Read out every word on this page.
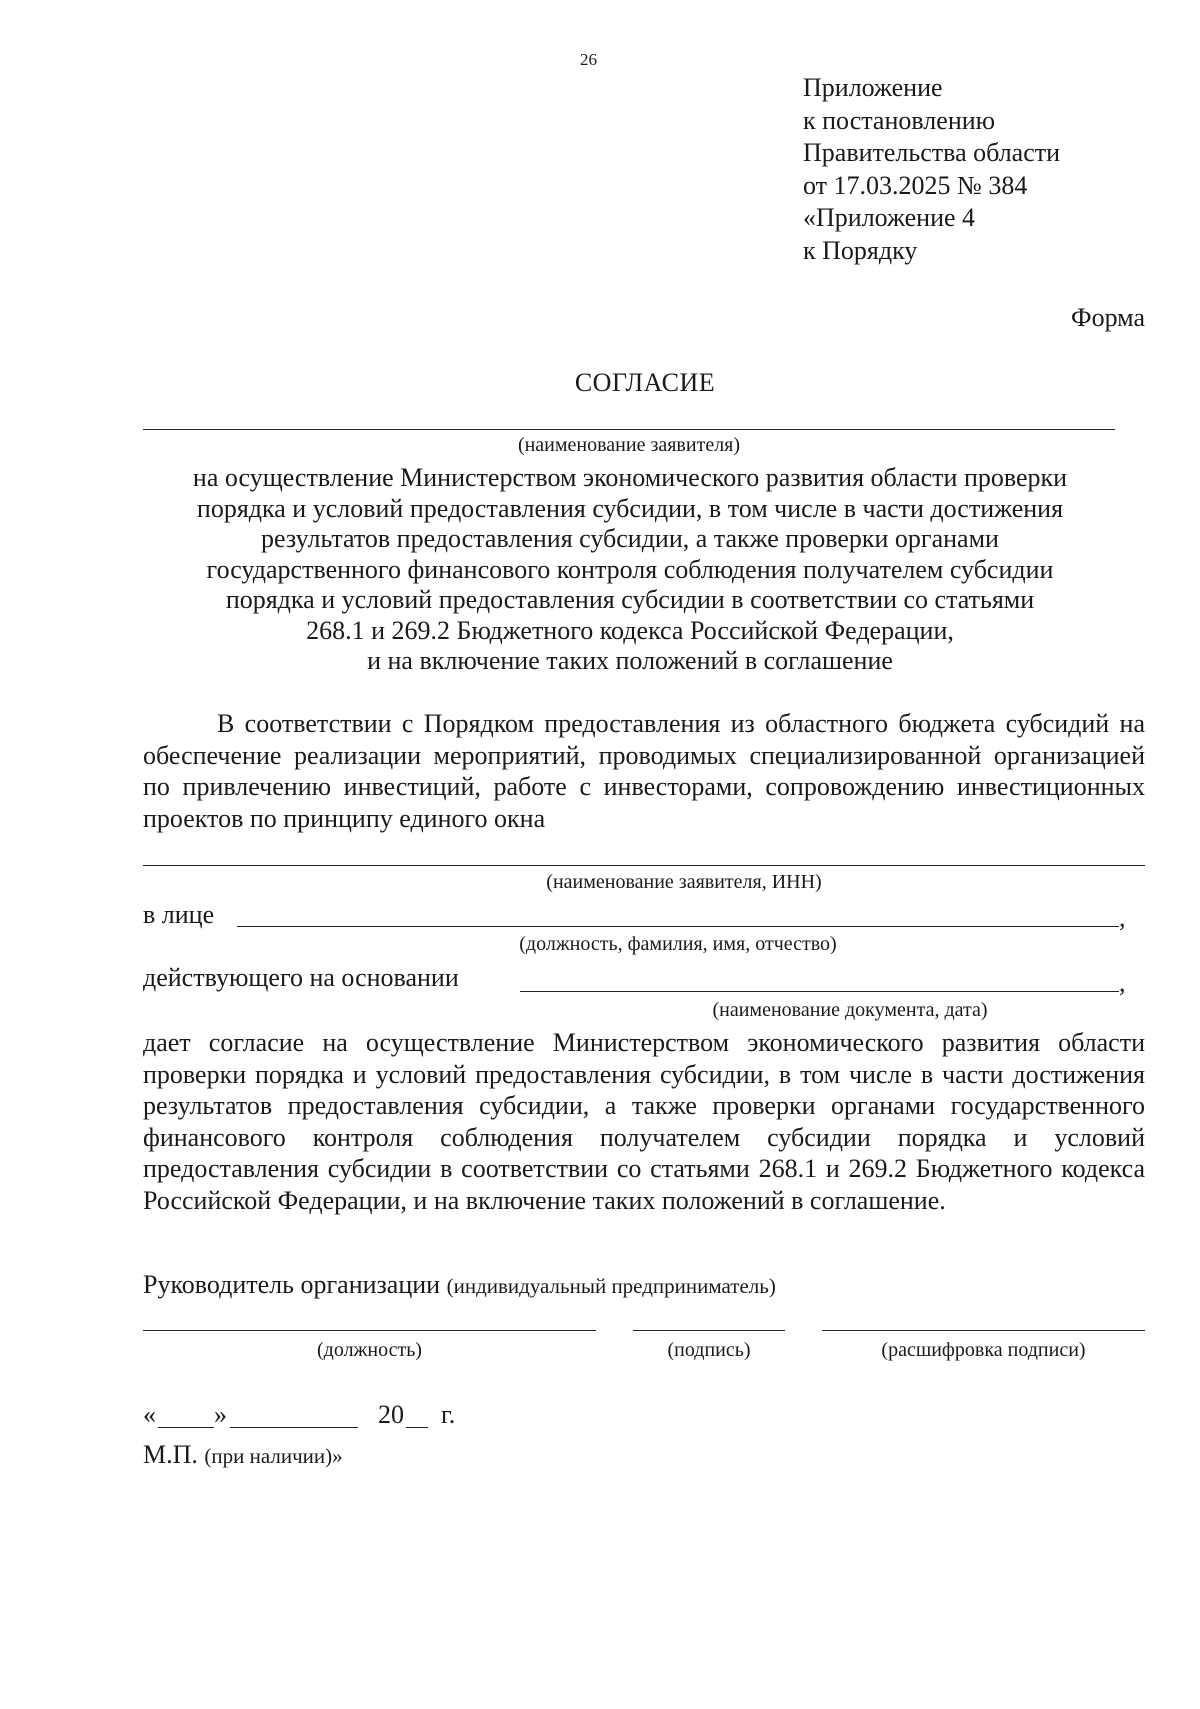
26
Приложение
к постановлению
Правительства области
от 17.03.2025 № 384
«Приложение 4
к Порядку
Форма
СОГЛАСИЕ
(наименование заявителя)
на осуществление Министерством экономического развития области проверки
порядка и условий предоставления субсидии, в том числе в части достижения
результатов предоставления субсидии, а также проверки органами
государственного финансового контроля соблюдения получателем субсидии
порядка и условий предоставления субсидии в соответствии со статьями
268.1 и 269.2 Бюджетного кодекса Российской Федерации,
и на включение таких положений в соглашение
В соответствии с Порядком предоставления из областного бюджета субсидий на обеспечение реализации мероприятий, проводимых специализированной организацией по привлечению инвестиций, работе с инвесторами, сопровождению инвестиционных проектов по принципу единого окна
(наименование заявителя, ИНН)
в лице	,
(должность, фамилия, имя, отчество)
действующего на основании	,
(наименование документа, дата)
дает согласие на осуществление Министерством экономического развития области проверки порядка и условий предоставления субсидии, в том числе в части достижения результатов предоставления субсидии, а также проверки органами государственного финансового контроля соблюдения получателем субсидии порядка и условий предоставления субсидии в соответствии со статьями 268.1 и 269.2 Бюджетного кодекса Российской Федерации, и на включение таких положений в соглашение.
Руководитель организации (индивидуальный предприниматель)
(должность)	(подпись)	(расшифровка подписи)
« »	20 г.
М.П. (при наличии)»
